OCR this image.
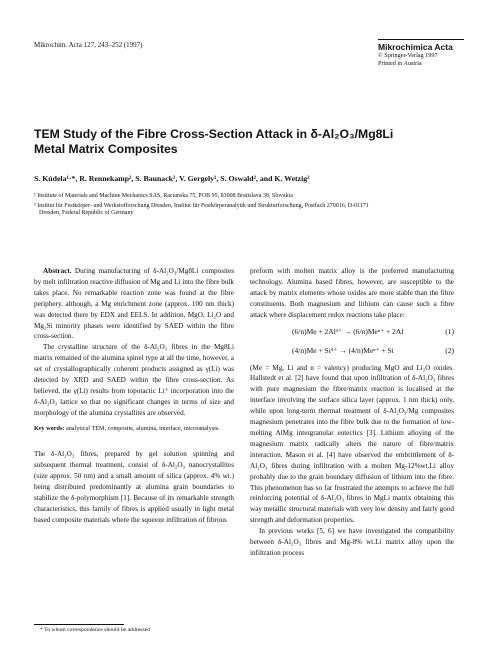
Mikrochim. Acta 127, 243–252 (1997)	Mikrochimica Acta
© Springer-Verlag 1997
Printed in Austria
TEM Study of the Fibre Cross-Section Attack in δ-Al₂O₃/Mg8Li
Metal Matrix Composites
S. Kúdela¹·*, R. Rennekamp², S. Baunack², V. Gergely¹, S. Oswald², and K. Wetzig²
¹ Institute of Materials and Machine Mechanics SAS, Racianska 75, POB 95, 83008 Bratislava 38, Slovakia
² Institut für Festkörper- und Werkstofforschung Dresden, Institut für Festkörperanalytik und Strukturforschung, Postfach 270016, D-01171
Dresden, Federal Republic of Germany

Abstract. During manufacturing of δ-Al₂O₃/Mg8Li composites by melt infiltration reactive diffusion of Mg and Li into the fibre bulk takes place. No remarkable reaction zone was found at the fibre periphery, although, a Mg enrichment zone (approx. 100 nm thick) was detected there by EDX and EELS. In addition, MgO, Li₂O and Mg₂Si minority phases were identified by SAED within the fibre cross-section.

The crystalline structure of the δ-Al₂O₃ fibres in the Mg8Li matrix remained of the alumina spinel type at all the time, however, a set of crystallographically coherent products assigned as γ(Li) was detected by XRD and SAED within the fibre cross-section. As believed, the γ(Li) results from topotactic Li⁺ incorporation into the δ-Al₂O₃ lattice so that no significant changes in terms of size and morphology of the alumina crystallites are observed.

Key words: analytical TEM, composite, alumina, interface, microanalysis.

The δ-Al₂O₃ fibres, prepared by gel solution spinning and subsequent thermal treatment, consist of δ-Al₂O₃ nanocrystallites (size approx. 50 nm) and a small amount of silica (approx. 4% wt.) being distributed predominantly at alumina grain boundaries to stabilize the δ-polymorphism [1]. Because of its remarkable strength characteristics, this family of fibres is applied usually in light metal based composite materials where the squeeze infiltration of fibrous

preform with molten matrix alloy is the preferred manufacturing technology. Alumina based fibres, however, are susceptible to the attack by matrix elements whose oxides are more stable than the fibre constituents. Both magnesium and lithium can cause such a fibre attack where displacement redox reactions take place:

(6/n)Me + 2Al³⁺ → (6/n)Meⁿ⁺ + 2Al	(1)
(4/n)Me + Si⁴⁺ → (4/n)Meⁿ⁺ + Si	(2)

(Me = Mg, Li and n = valency) producing MgO and Li₂O oxides. Hallstedt et al. [2] have found that upon infiltration of δ-Al₂O₃ fibres with pure magnesium the fibre/matrix reaction is localised at the interface involving the surface silica layer (approx. 1 nm thick) only, while upon long-term thermal treatment of δ-Al₂O₃/Mg composites magnesium penetrates into the fibre bulk due to the formation of low-melting AlMg intergranular eutectics [3]. Lithium alloying of the magnesium matrix radically alters the nature of fibre/matrix interaction. Mason et al. [4] have observed the embrittlement of δ-Al₂O₃ fibres during infiltration with a molten Mg-12%wt.Li alloy probably due to the grain boundary diffusion of lithium into the fibre. This phenomenon has so far frustrated the attempts to achieve the full reinforcing potential of δ-Al₂O₃ fibres in MgLi matrix obtaining this way metallic structural materials with very low density and fairly good strength and deformation properties.

In previous works [5, 6] we have investigated the compatibility between δ-Al₂O₃ fibres and Mg-8% wt.Li matrix alloy upon the infiltration process

* To whom correspondence should be addressed
